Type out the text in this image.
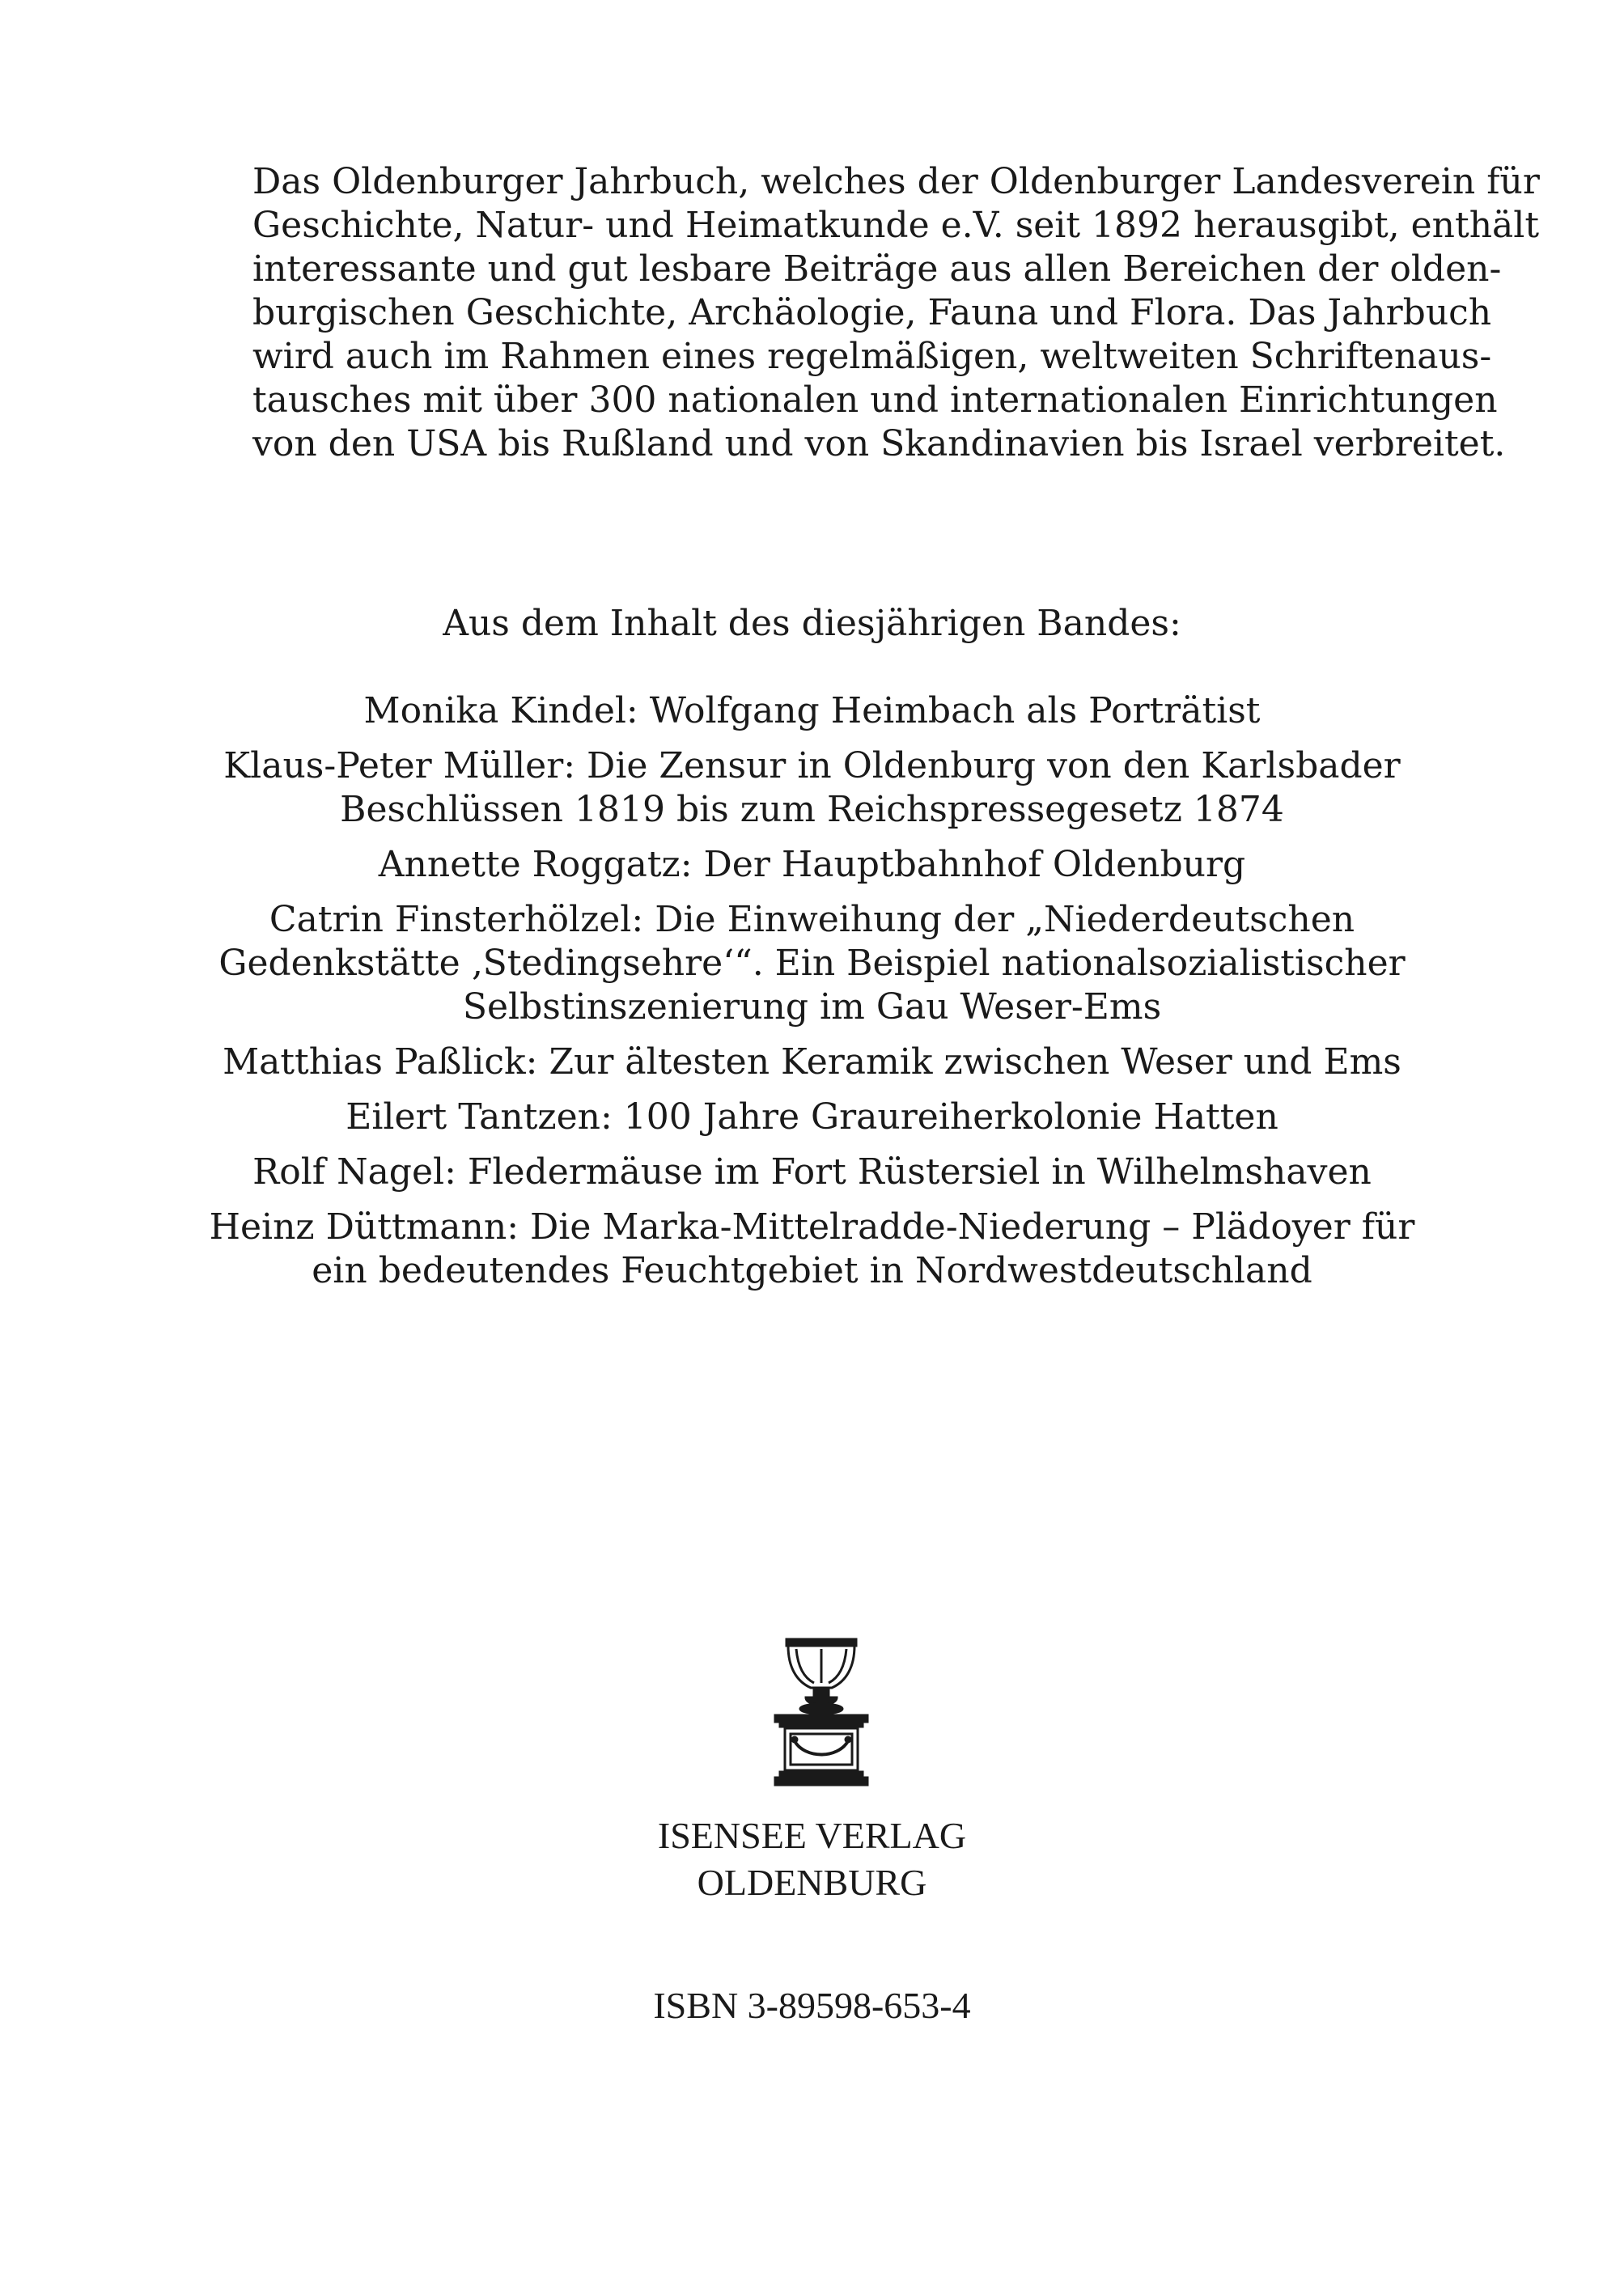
Das Oldenburger Jahrbuch, welches der Oldenburger Landesverein für
Geschichte, Natur- und Heimatkunde e.V. seit 1892 herausgibt, enthält
interessante und gut lesbare Beiträge aus allen Bereichen der olden-
burgischen Geschichte, Archäologie, Fauna und Flora. Das Jahrbuch
wird auch im Rahmen eines regelmäßigen, weltweiten Schriftenaus-
tausches mit über 300 nationalen und internationalen Einrichtungen
von den USA bis Rußland und von Skandinavien bis Israel verbreitet.

Aus dem Inhalt des diesjährigen Bandes:

Monika Kindel: Wolfgang Heimbach als Porträtist
Klaus-Peter Müller: Die Zensur in Oldenburg von den Karlsbader
Beschlüssen 1819 bis zum Reichspressegesetz 1874
Annette Roggatz: Der Hauptbahnhof Oldenburg
Catrin Finsterhölzel: Die Einweihung der „Niederdeutschen
Gedenkstätte ‚Stedingsehre‘“. Ein Beispiel nationalsozialistischer
Selbstinszenierung im Gau Weser-Ems
Matthias Paßlick: Zur ältesten Keramik zwischen Weser und Ems
Eilert Tantzen: 100 Jahre Graureiherkolonie Hatten
Rolf Nagel: Fledermäuse im Fort Rüstersiel in Wilhelmshaven
Heinz Düttmann: Die Marka-Mittelradde-Niederung – Plädoyer für
ein bedeutendes Feuchtgebiet in Nordwestdeutschland
ISENSEE VERLAG
OLDENBURG
ISBN 3-89598-653-4
